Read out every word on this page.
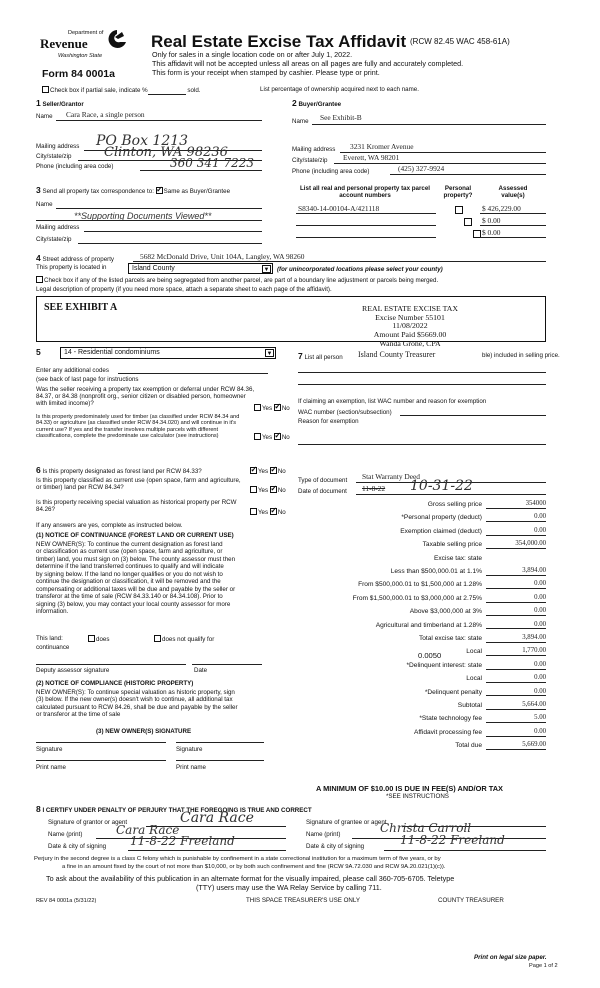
Department of
Revenue
Washington State
Form 84 0001a
Real Estate Excise Tax Affidavit (RCW 82.45 WAC 458-61A)
Only for sales in a single location code on or after July 1, 2022.
This affidavit will not be accepted unless all areas on all pages are fully and accurately completed.
This form is your receipt when stamped by cashier. Please type or print.
Check box if partial sale, indicate %	sold.	List percentage of ownership acquired next to each name.
1 Seller/Grantor
Name Cara Race, a single person
Mailing address PO Box 1213
City/state/zip	Clinton, WA 98236
Phone (including area code)	360 341 7223
2 Buyer/Grantee
Name See Exhibit-B
Mailing address 3231 Kromer Avenue
City/state/zip Everett, WA 98201
Phone (including area code)	(425) 327-9924
3 Send all property tax correspondence to: ✓ Same as Buyer/Grantee
Name
**Supporting Documents Viewed**
Mailing address
City/state/zip
List all real and personal property tax parcel account numbers
Personal property?
Assessed value(s)
S8340-14-00104-A/421118	$ 426,229.00
$ 0.00
$ 0.00
4 Street address of property	5682 McDonald Drive, Unit 104A, Langley, WA 98260
This property is located in	Island County	▼ (for unincorporated locations please select your county)
Check box if any of the listed parcels are being segregated from another parcel, are part of a boundary line adjustment or parcels being merged.
Legal description of property (if you need more space, attach a separate sheet to each page of the affidavit).
SEE EXHIBIT A	REAL ESTATE EXCISE TAX
Excise Number 55101
11/08/2022
Amount Paid $5669.00
Wanda Grone, CPA
5	14 - Residential condominiums	▼
Enter any additional codes
(see back of last page for instructions
Was the seller receiving a property tax exemption or deferral under RCW 84.36, 84.37, or 84.38 (nonprofit org., senior citizen or disabled person, homeowner with limited income)?
Yes ✓ No
Is this property predominately used for timber (as classified under RCW 84.34 and 84.33) or agriculture (as classified under RCW 84.34.020) and will continue in it's current use? If yes and the transfer involves multiple parcels with different classifications, complete the predominate use calculator (see instructions)	Yes ✓ No
7 List all person	ble) included in selling price.
Island County Treasurer
If claiming an exemption, list WAC number and reason for exemption
WAC number (section/subsection)
Reason for exemption
6 Is this property designated as forest land per RCW 84.33? ✓	Yes ✓ No
Is this property classified as current use (open space, farm and agriculture, or timber) land per RCW 84.34?	Yes ✓ No
Is this property receiving special valuation as historical property per RCW 84.26?	Yes ✓ No
If any answers are yes, complete as instructed below.
(1) NOTICE OF CONTINUANCE (FOREST LAND OR CURRENT USE)
NEW OWNER(S): To continue the current designation as forest land
or classification as current use (open space, farm and agriculture, or
timber) land, you must sign on (3) below. The county assessor must then
determine if the land transferred continues to qualify and will indicate
by signing below. If the land no longer qualifies or you do not wish to
continue the designation or classification, it will be removed and the
compensating or additional taxes will be due and payable by the seller or
transferor at the time of sale (RCW 84.33.140 or 84.34.108). Prior to
signing (3) below, you may contact your local county assessor for more
information.
This land:	does	does not qualify for
continuance
Deputy assessor signature	Date
(2) NOTICE OF COMPLIANCE (HISTORIC PROPERTY)
NEW OWNER(S): To continue special valuation as historic property, sign
(3) below. If the new owner(s) doesn't wish to continue, all additional tax
calculated pursuant to RCW 84.26, shall be due and payable by the seller
or transferor at the time of sale
(3) NEW OWNER(S) SIGNATURE
Signature	Signature
Print name	Print name
Type of document Stat Warranty Deed
Date of document 11-8-22 10-31-22
Gross selling price	354000
*Personal property (deduct)	0.00
Exemption claimed (deduct)	0.00
Taxable selling price	354,000.00
Excise tax: state
Less than $500,000.01 at 1.1%	3,894.00
From $500,000.01 to $1,500,000 at 1.28%	0.00
From $1,500,000.01 to $3,000,000 at 2.75%	0.00
Above $3,000,000 at 3%	0.00
Agricultural and timberland at 1.28%	0.00
Total excise tax: state	3,894.00
Local	1,770.00
*Delinquent interest: state	0.00
Local	0.00
*Delinquent penalty	0.00
Subtotal	5,664.00
*State technology fee	5.00
Affidavit processing fee	0.00
Total due	5,669.00
0.0050
A MINIMUM OF $10.00 IS DUE IN FEE(S) AND/OR TAX
*SEE INSTRUCTIONS
8 I CERTIFY UNDER PENALTY OF PERJURY THAT THE FOREGOING IS TRUE AND CORRECT
Signature of grantor or agent	Cara Race
Name (print)	Cara Race
Date & city of signing 11-8-22 Freeland
Signature of grantee or agent
Name (print)	Christa Carroll
Date & city of signing	11-8-22 Freeland
Perjury in the second degree is a class C felony which is punishable by confinement in a state correctional institution for a maximum term of five years, or by
a fine in an amount fixed by the court of not more than $10,000, or by both such confinement and fine (RCW 9A.72.030 and RCW 9A.20.021(1)(c)).
To ask about the availability of this publication in an alternate format for the visually impaired, please call 360-705-6705. Teletype
(TTY) users may use the WA Relay Service by calling 711.
REV 84 0001a (5/31/22)	THIS SPACE TREASURER'S USE ONLY	COUNTY TREASURER
Print on legal size paper.
Page 1 of 2
